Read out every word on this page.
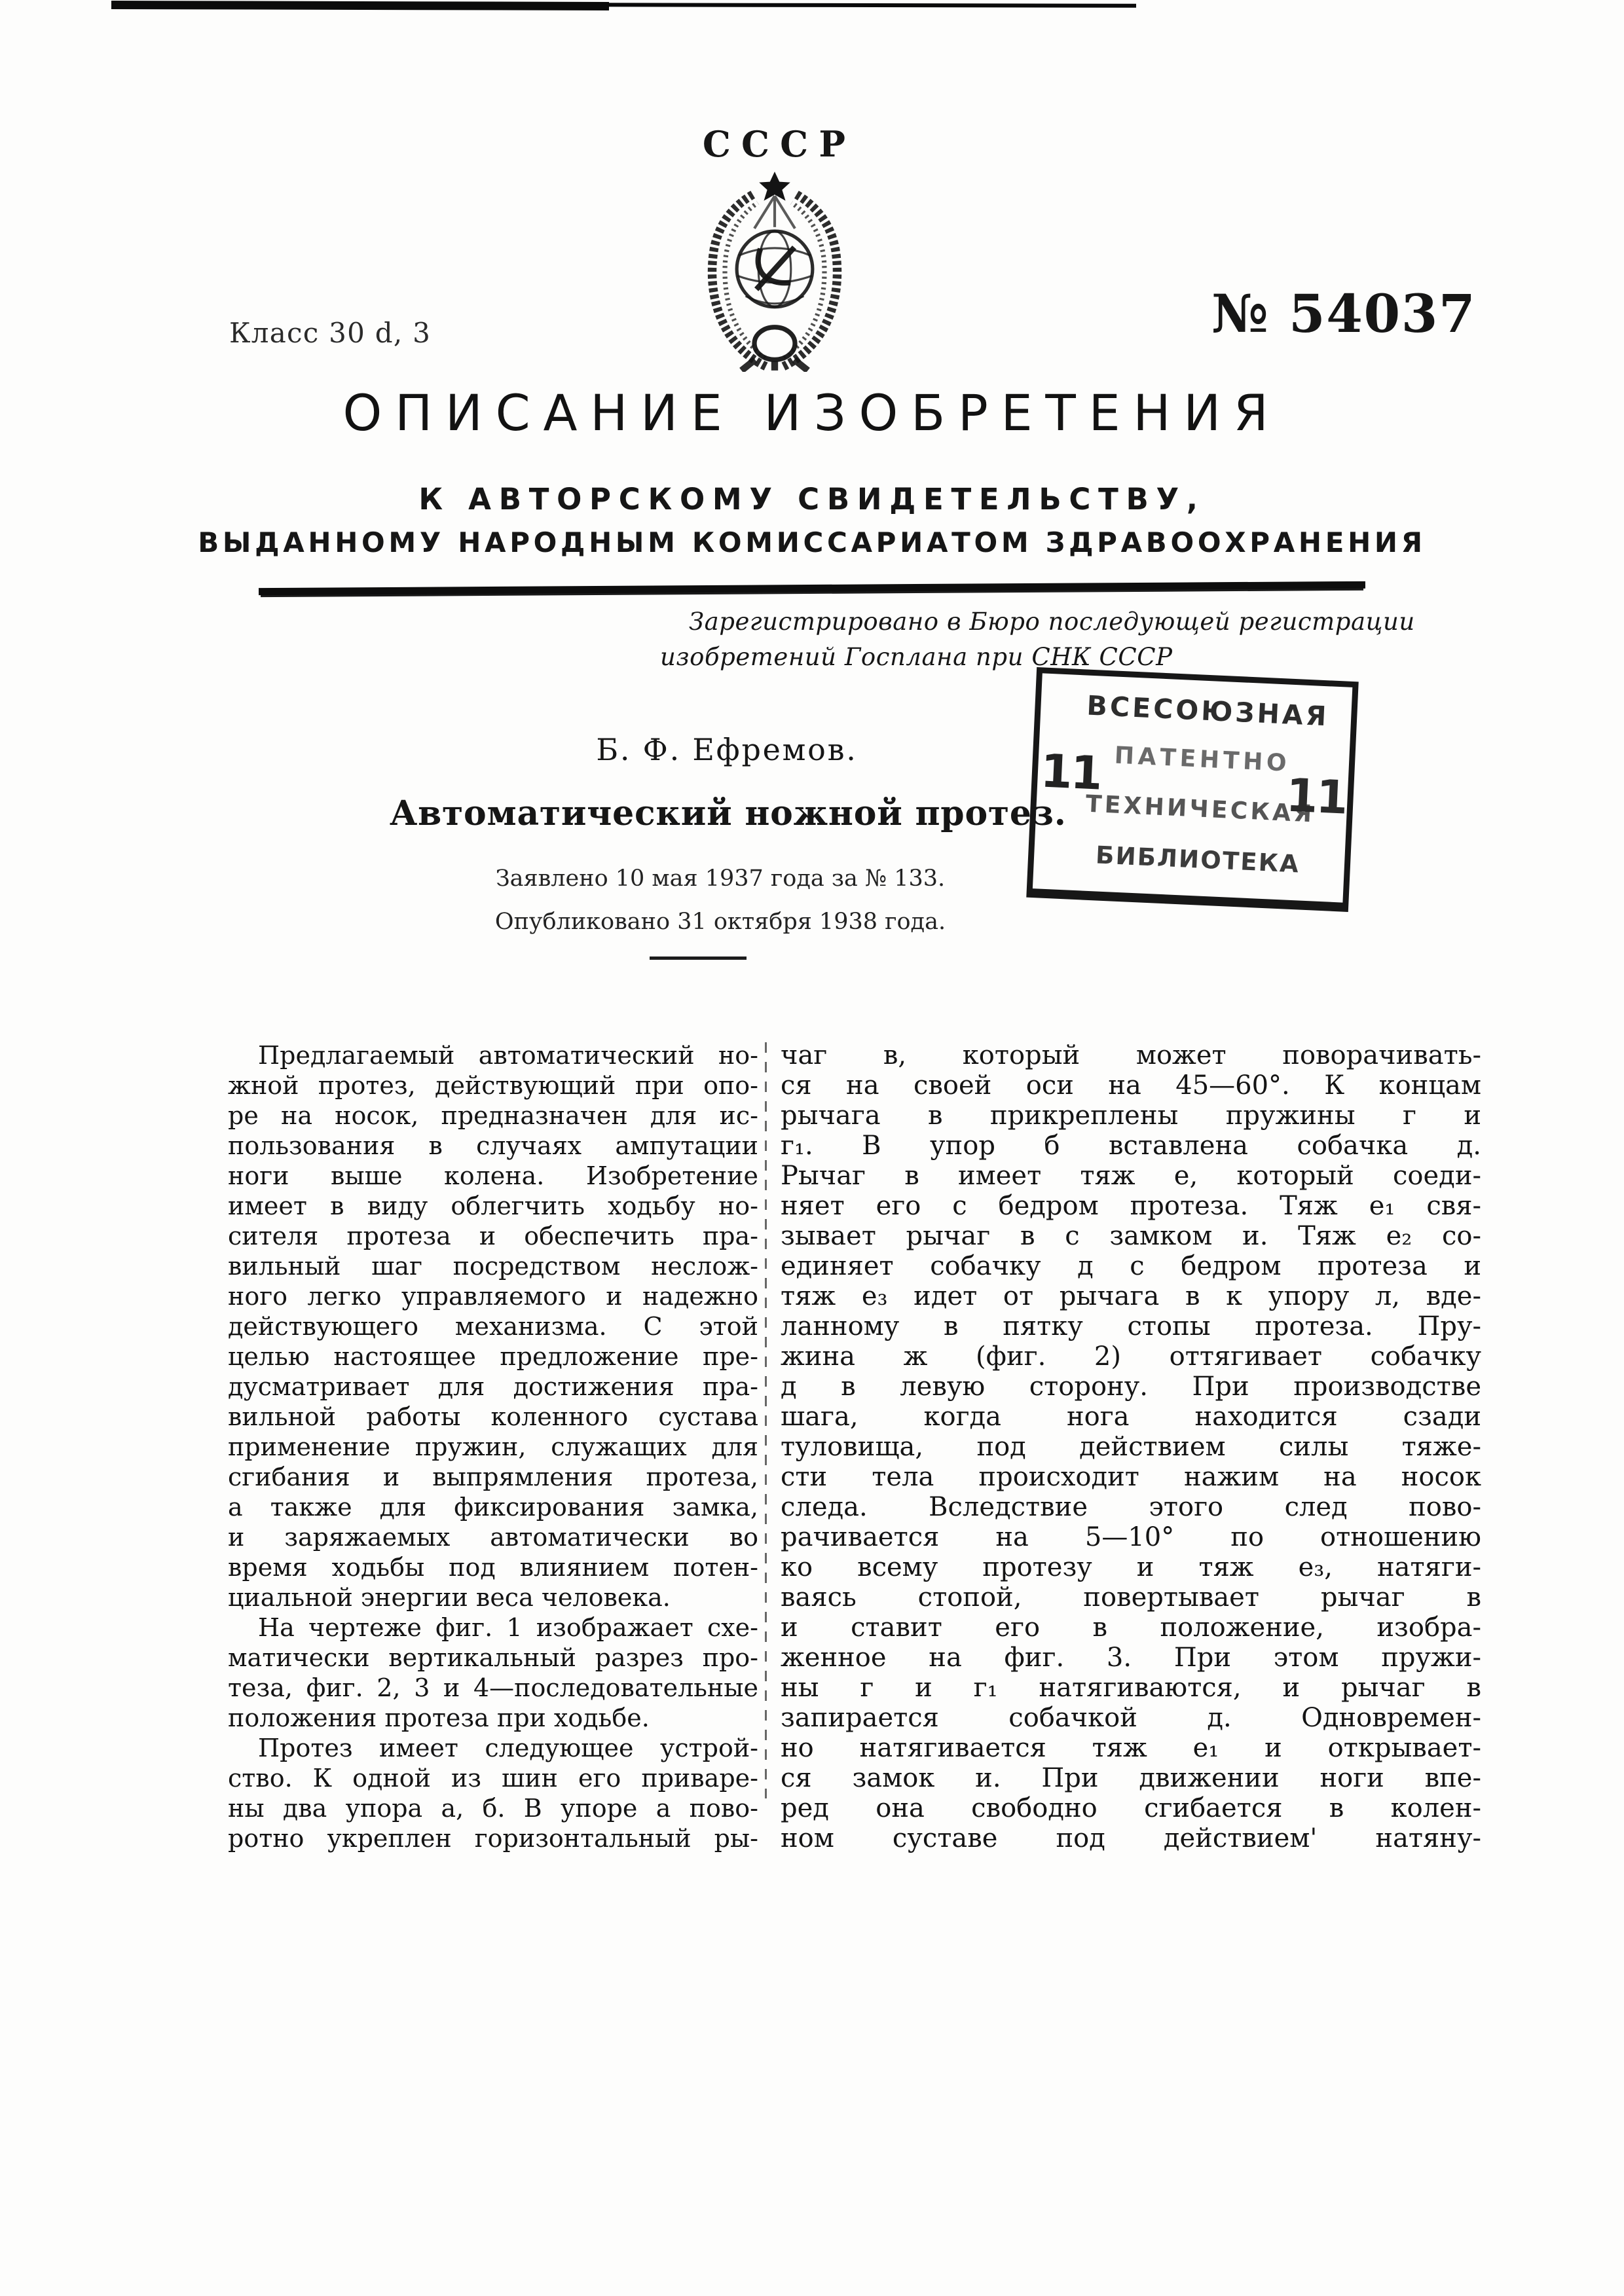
СССР
Класс 30 d, 3	№ 54037
ОПИСАНИЕ ИЗОБРЕТЕНИЯ
К АВТОРСКОМУ СВИДЕТЕЛЬСТВУ,
ВЫДАННОМУ НАРОДНЫМ КОМИССАРИАТОМ ЗДРАВООХРАНЕНИЯ
Зарегистрировано в Бюро последующей регистрации
изобретений Госплана при СНК СССР
Б. Ф. Ефремов.
Автоматический ножной протез.
Заявлено 10 мая 1937 года за № 133.
Опубликовано 31 октября 1938 года.
ВСЕСОЮЗНАЯ
ПАТЕНТНО
ТЕХНИЧЕСКАЯ
БИБЛИОТЕКА
11	11
Предлагаемый автоматический но-
жной протез, действующий при опо-
ре на носок, предназначен для ис-
пользования в случаях ампутации
ноги выше колена. Изобретение
имеет в виду облегчить ходьбу но-
сителя протеза и обеспечить пра-
вильный шаг посредством неслож-
ного легко управляемого и надежно
действующего механизма. С этой
целью настоящее предложение пре-
дусматривает для достижения пра-
вильной работы коленного сустава
применение пружин, служащих для
сгибания и выпрямления протеза,
а также для фиксирования замка,
и заряжаемых автоматически во
время ходьбы под влиянием потен-
циальной энергии веса человека.
На чертеже фиг. 1 изображает схе-
матически вертикальный разрез про-
теза, фиг. 2, 3 и 4—последовательные
положения протеза при ходьбе.
Протез имеет следующее устрой-
ство. К одной из шин его приваре-
ны два упора а, б. В упоре а пово-
ротно укреплен горизонтальный ры-
чаг в, который может поворачивать-
ся на своей оси на 45—60°. К концам
рычага в прикреплены пружины г и
г₁. В упор б вставлена собачка д.
Рычаг в имеет тяж е, который соеди-
няет его с бедром протеза. Тяж е₁ свя-
зывает рычаг в с замком и. Тяж е₂ со-
единяет собачку д с бедром протеза и
тяж е₃ идет от рычага в к упору л, вде-
ланному в пятку стопы протеза. Пру-
жина ж (фиг. 2) оттягивает собачку
д в левую сторону. При производстве
шага, когда нога находится сзади
туловища, под действием силы тяже-
сти тела происходит нажим на носок
следа. Вследствие этого след пово-
рачивается на 5—10° по отношению
ко всему протезу и тяж е₃, натяги-
ваясь стопой, повертывает рычаг в
и ставит его в положение, изобра-
женное на фиг. 3. При этом пружи-
ны г и г₁ натягиваются, и рычаг в
запирается собачкой д. Одновремен-
но натягивается тяж е₁ и открывает-
ся замок и. При движении ноги впе-
ред она свободно сгибается в колен-
ном суставе под действием' натяну-
